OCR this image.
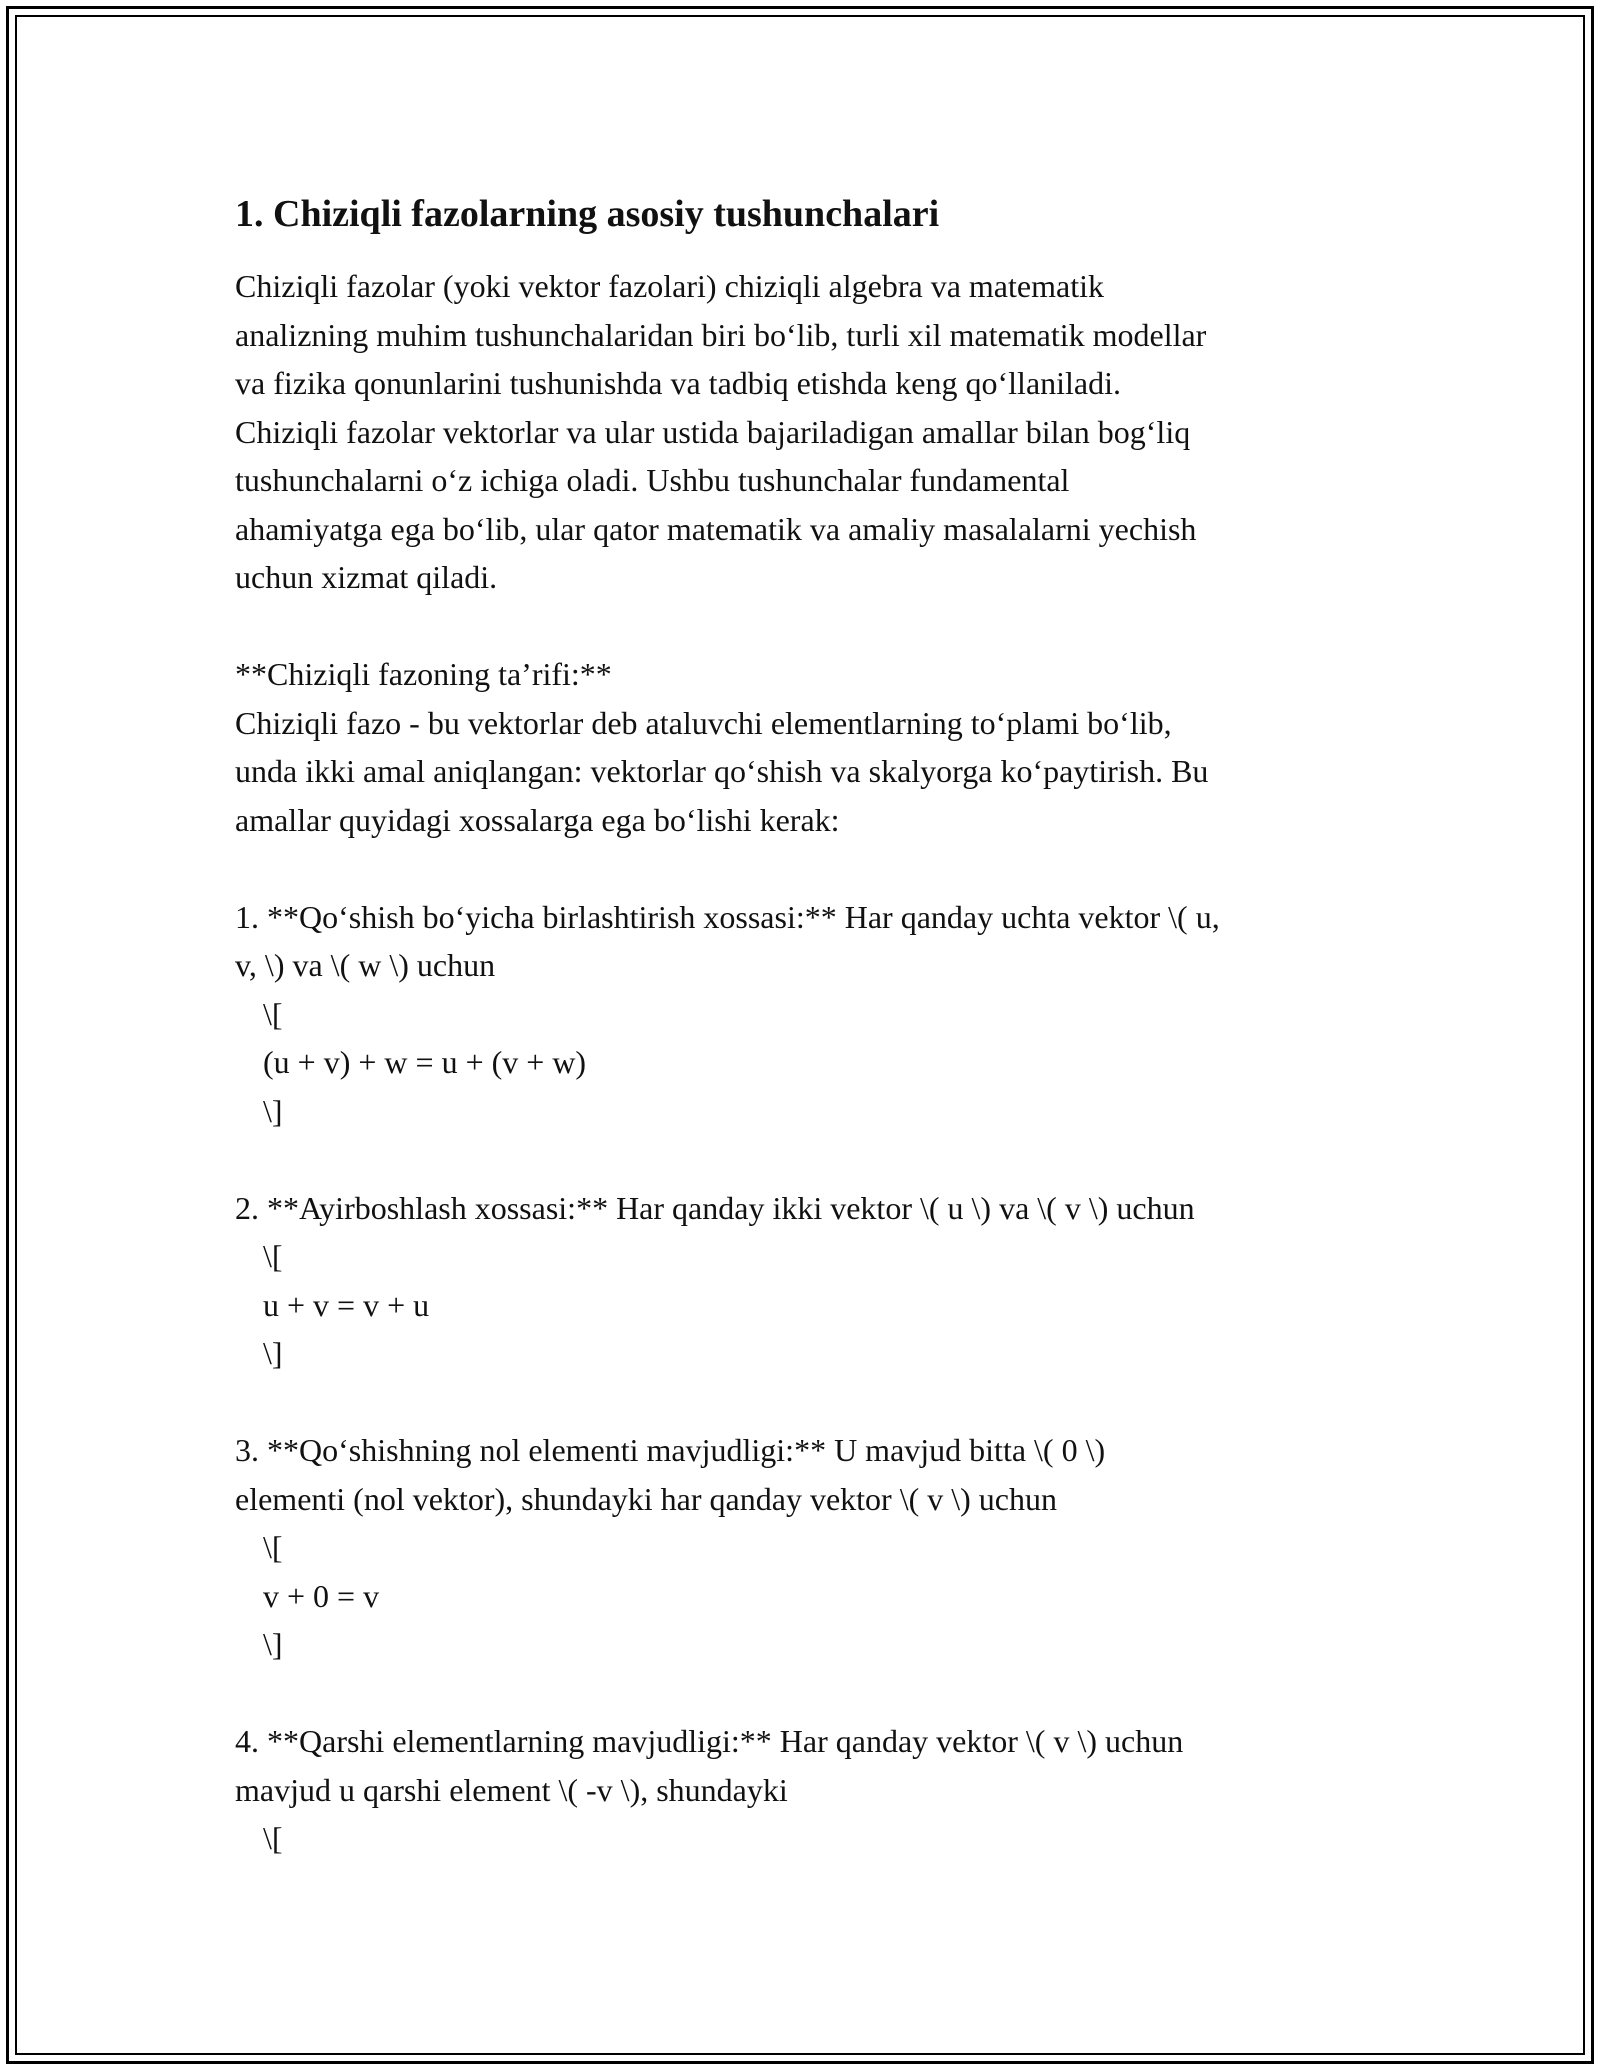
1. Chiziqli fazolarning asosiy tushunchalari
Chiziqli fazolar (yoki vektor fazolari) chiziqli algebra va matematik
analizning muhim tushunchalaridan biri bo‘lib, turli xil matematik modellar
va fizika qonunlarini tushunishda va tadbiq etishda keng qo‘llaniladi.
Chiziqli fazolar vektorlar va ular ustida bajariladigan amallar bilan bog‘liq
tushunchalarni o‘z ichiga oladi. Ushbu tushunchalar fundamental
ahamiyatga ega bo‘lib, ular qator matematik va amaliy masalalarni yechish
uchun xizmat qiladi.
**Chiziqli fazoning ta’rifi:**
Chiziqli fazo - bu vektorlar deb ataluvchi elementlarning to‘plami bo‘lib,
unda ikki amal aniqlangan: vektorlar qo‘shish va skalyorga ko‘paytirish. Bu
amallar quyidagi xossalarga ega bo‘lishi kerak:
1. **Qo‘shish bo‘yicha birlashtirish xossasi:** Har qanday uchta vektor \( u,
v, \) va \( w \) uchun
\[
(u + v) + w = u + (v + w)
\]
2. **Ayirboshlash xossasi:** Har qanday ikki vektor \( u \) va \( v \) uchun
\[
u + v = v + u
\]
3. **Qo‘shishning nol elementi mavjudligi:** U mavjud bitta \( 0 \)
elementi (nol vektor), shundayki har qanday vektor \( v \) uchun
\[
v + 0 = v
\]
4. **Qarshi elementlarning mavjudligi:** Har qanday vektor \( v \) uchun
mavjud u qarshi element \( -v \), shundayki
\[
